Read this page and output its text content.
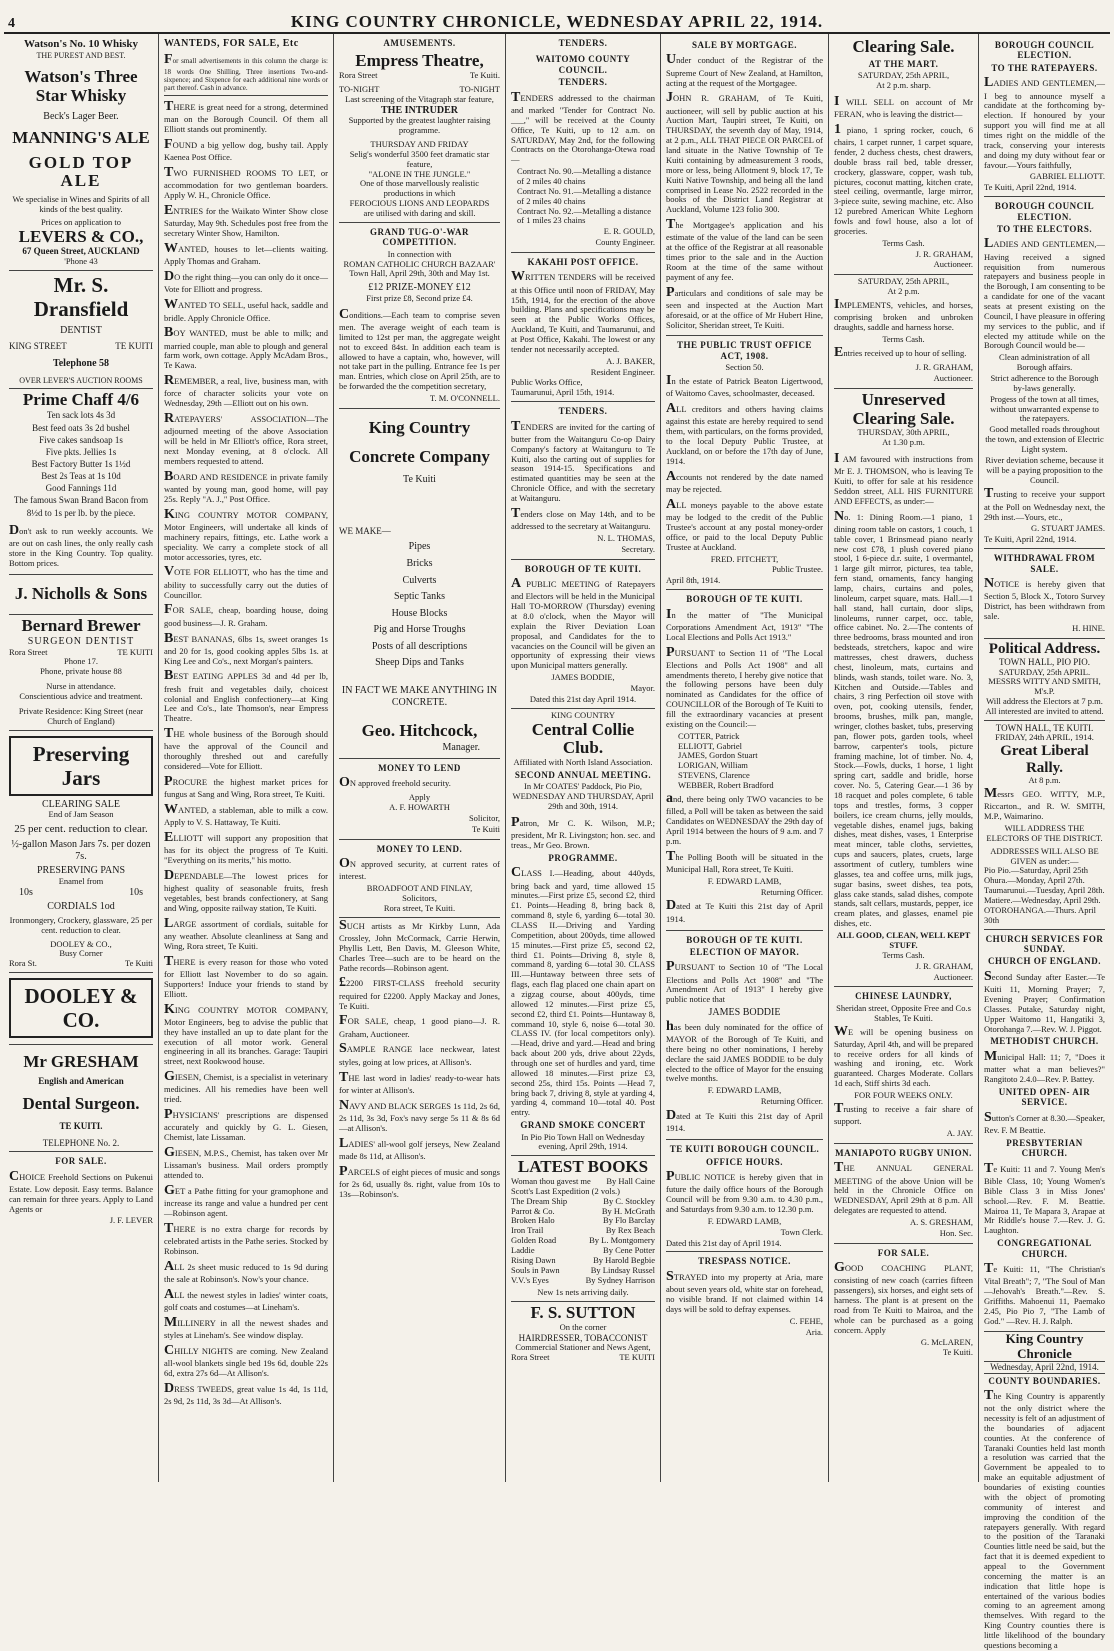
4	KING COUNTRY CHRONICLE, WEDNESDAY APRIL 22, 1914.
Watson's No. 10 Whisky
THE PUREST AND BEST.
Watson's Three Star Whisky
Beck's Lager Beer.
MANNING'S ALE
GOLD TOP ALE
We specialise in Wines and Spirits of all kinds of the best quality.
Prices on application to
LEVERS & CO.,
67 Queen Street, AUCKLAND
'Phone 43
Mr. S. Dransfield
DENTIST
KING STREET	TE KUITI
Telephone 58
OVER LEVER'S AUCTION ROOMS
Prime Chaff 4/6
Ten sack lots 4s 3d
Best feed oats 3s 2d bushel
Five cakes sandsoap 1s
Five pkts. Jellies 1s
Best Factory Butter 1s 1½d
Best 2s Teas at 1s 10d
Good Fannings 11d
The famous Swan Brand Bacon from 8½d to 1s per lb. by the piece.
Don't ask to run weekly accounts. We are out on cash lines, the only really cash store in the King Country. Top quality. Bottom prices.
J. Nicholls & Sons
Bernard Brewer
SURGEON DENTIST
Rora Street	TE KUITI
Phone 17.
Phone, private house 88
Nurse in attendance.
Conscientious advice and treatment.
Private Residence: King Street (near Church of England)
Preserving Jars
CLEARING SALE
End of Jam Season
25 per cent. reduction to clear.
½-gallon Mason Jars 7s. per dozen 7s.
PRESERVING PANS
Enamel from
10s	10s
CORDIALS 1od
Ironmongery, Crockery, glassware, 25 per cent. reduction to clear.
DOOLEY & CO.,
Busy Corner
Rora St.	Te Kuiti
DOOLEY & CO.
Mr GRESHAM
English and American
Dental Surgeon.
TE KUITI.
TELEPHONE No. 2.
FOR SALE.
CHOICE Freehold Sections on Pukenui Estate. Low deposit. Easy terms. Balance can remain for three years. Apply to Land Agents or
J. F. LEVER
WANTEDS, FOR SALE, Etc
For small advertisements in this column the charge is: 18 words One Shilling, Three insertions Two-and-sixpence; and Sixpence for each additional nine words or part thereof. Cash in advance.
THERE is great need for a strong, determined man on the Borough Council. Of them all Elliott stands out prominently.
FOUND a big yellow dog, bushy tail. Apply Kaenea Post Office.
TWO FURNISHED ROOMS TO LET, or accommodation for two gentleman boarders. Apply W. H., Chronicle Office.
ENTRIES for the Waikato Winter Show close Saturday, May 9th. Schedules post free from the secretary Winter Show, Hamilton.
WANTED, houses to let—clients waiting. Apply Thomas and Graham.
DO the right thing—you can only do it once—Vote for Elliott and progress.
WANTED TO SELL, useful hack, saddle and bridle. Apply Chronicle Office.
BOY WANTED, must be able to milk; and married couple, man able to plough and general farm work, own cottage. Apply McAdam Bros., Te Kawa.
REMEMBER, a real, live, business man, with force of character solicits your vote on Wednesday, 29th —Elliott out on his own.
RATEPAYERS' ASSOCIATION—The adjourned meeting of the above Association will be held in Mr Elliott's office, Rora street, next Monday evening, at 8 o'clock. All members requested to attend.
BOARD AND RESIDENCE in private family wanted by young man, good home, will pay 25s. Reply "A. J.," Post Office.
KING COUNTRY MOTOR COMPANY, Motor Engineers, will undertake all kinds of machinery repairs, fittings, etc. Lathe work a speciality. We carry a complete stock of all motor accessories, tyres, etc.
VOTE FOR ELLIOTT, who has the time and ability to successfully carry out the duties of Councillor.
FOR SALE, cheap, boarding house, doing good business—J. R. Graham.
BEST BANANAS, 6lbs 1s, sweet oranges 1s and 20 for 1s, good cooking apples 5lbs 1s. at King Lee and Co's., next Morgan's painters.
BEST EATING APPLES 3d and 4d per lb, fresh fruit and vegetables daily, choicest colonial and English confectionery—at King Lee and Co's., late Thomson's, near Empress Theatre.
THE whole business of the Borough should have the approval of the Council and thoroughly threshed out and carefully considered—Vote for Elliott.
PROCURE the highest market prices for fungus at Sang and Wing, Rora street, Te Kuiti.
WANTED, a stableman, able to milk a cow. Apply to V. S. Hattaway, Te Kuiti.
ELLIOTT will support any proposition that has for its object the progress of Te Kuiti. "Everything on its merits," his motto.
DEPENDABLE—The lowest prices for highest quality of seasonable fruits, fresh vegetables, best brands confectionery, at Sang and Wing, opposite railway station, Te Kuiti.
LARGE assortment of cordials, suitable for any weather. Absolute cleanliness at Sang and Wing, Rora street, Te Kuiti.
THERE is every reason for those who voted for Elliott last November to do so again. Supporters! Induce your friends to stand by Elliott.
KING COUNTRY MOTOR COMPANY, Motor Engineers, beg to advise the public that they have installed an up to date plant for the execution of all motor work. General engineering in all its branches. Garage: Taupiri street, next Rookwood house.
GIESEN, Chemist, is a specialist in veterinary medicines. All his remedies have been well tried.
PHYSICIANS' prescriptions are dispensed accurately and quickly by G. L. Giesen, Chemist, late Lissaman.
GIESEN, M.P.S., Chemist, has taken over Mr Lissaman's business. Mail orders promptly attended to.
GET a Pathe fitting for your gramophone and increase its range and value a hundred per cent—Robinson agent.
THERE is no extra charge for records by celebrated artists in the Pathe series. Stocked by Robinson.
ALL 2s sheet music reduced to 1s 9d during the sale at Robinson's. Now's your chance.
ALL the newest styles in ladies' winter coats, golf coats and costumes—at Lineham's.
MILLINERY in all the newest shades and styles at Lineham's. See window display.
CHILLY NIGHTS are coming. New Zealand all-wool blankets single bed 19s 6d, double 22s 6d, extra 27s 6d—At Allison's.
DRESS TWEEDS, great value 1s 4d, 1s 11d, 2s 9d, 2s 11d, 3s 3d—At Allison's.
AMUSEMENTS.
Empress Theatre,
Rora Street	Te Kuiti.
TO-NIGHT	TO-NIGHT
Last screening of the Vitagraph star feature,
THE INTRUDER
Supported by the greatest laughter raising programme.
THURSDAY AND FRIDAY
Selig's wonderful 3500 feet dramatic star feature,
"ALONE IN THE JUNGLE."
One of those marvellously realistic productions in which
FEROCIOUS LIONS AND LEOPARDS
are utilised with daring and skill.
GRAND TUG-O'-WAR COMPETITION.
In connection with
ROMAN CATHOLIC CHURCH BAZAAR'
Town Hall, April 29th, 30th and May 1st.
£12 PRIZE-MONEY £12
First prize £8, Second prize £4.
Conditions.—Each team to comprise seven men. The average weight of each team is limited to 12st per man, the aggregate weight not to exceed 84st. In addition each team is allowed to have a captain, who, however, will not take part in the pulling. Entrance fee 1s per man. Entries, which close on April 25th, are to be forwarded the the competition secretary,
T. M. O'CONNELL.
King Country
Concrete Company
Te Kuiti
WE MAKE—
Pipes
Bricks
Culverts
Septic Tanks
House Blocks
Pig and Horse Troughs
Posts of all descriptions
Sheep Dips and Tanks
IN FACT WE MAKE ANYTHING IN CONCRETE.
Geo. Hitchcock,
Manager.
MONEY TO LEND
ON approved freehold security.
Apply
A. F. HOWARTH
Solicitor,
Te Kuiti
MONEY TO LEND.
ON approved security, at current rates of interest.
BROADFOOT AND FINLAY,
Solicitors,
Rora street, Te Kuiti.
SUCH artists as Mr Kirkby Lunn, Ada Crossley, John McCormack, Carrie Herwin, Phyllis Lett, Ben Davis, M. Gleeson White, Charles Tree—such are to be heard on the Pathe records—Robinson agent.
£2200 FIRST-CLASS freehold security required for £2200. Apply Mackay and Jones, Te Kuiti.
FOR SALE, cheap, 1 good piano—J. R. Graham, Auctioneer.
SAMPLE RANGE lace neckwear, latest styles, going at low prices, at Allison's.
THE last word in ladies' ready-to-wear hats for winter at Allison's.
NAVY AND BLACK SERGES 1s 11d, 2s 6d, 2s 11d, 3s 3d, Fox's navy serge 5s 11 & 8s 6d—at Allison's.
LADIES' all-wool golf jerseys, New Zealand made 8s 11d, at Allison's.
PARCELS of eight pieces of music and songs for 2s 6d, usually 8s. right, value from 10s to 13s—Robinson's.
TENDERS.
WAITOMO COUNTY COUNCIL.
TENDERS.
TENDERS addressed to the chairman and marked "Tender for Contract No. ___," will be received at the County Office, Te Kuiti, up to 12 a.m. on SATURDAY, May 2nd, for the following Contracts on the Otorohanga-Otewa road—
Contract No. 90.—Metalling a distance of 2 miles 40 chains
Contract No. 91.—Metalling a distance of 2 miles 40 chains
Contract No. 92.—Metalling a distance of 1 miles 23 chains
E. R. GOULD,
County Engineer.
KAKAHI POST OFFICE.
WRITTEN TENDERS will be received at this Office until noon of FRIDAY, May 15th, 1914, for the erection of the above building. Plans and specifications may be seen at the Public Works Offices, Auckland, Te Kuiti, and Taumarunui, and at Post Office, Kakahi. The lowest or any tender not necessarily accepted.
A. J. BAKER,
Resident Engineer.
Public Works Office,
Taumarunui, April 15th, 1914.
TENDERS.
TENDERS are invited for the carting of butter from the Waitanguru Co-op Dairy Company's factory at Waitanguru to Te Kuiti, also the carting out of supplies for season 1914-15. Specifications and estimated quantities may be seen at the Chronicle Office, and with the secretary at Waitanguru.
Tenders close on May 14th, and to be addressed to the secretary at Waitanguru.
N. L. THOMAS,
Secretary.
BOROUGH OF TE KUITI.
A PUBLIC MEETING of Ratepayers and Electors will be held in the Municipal Hall TO-MORROW (Thursday) evening at 8.0 o'clock, when the Mayor will explain the River Deviation Loan proposal, and Candidates for the to vacancies on the Council will be given an opportunity of expressing their views upon Municipal matters generally.
JAMES BODDIE,
Mayor.
Dated this 21st day April 1914.
KING COUNTRY
Central Collie Club.
Affiliated with North Island Association.
SECOND ANNUAL MEETING.
In Mr COATES' Paddock, Pio Pio, WEDNESDAY AND THURSDAY, April 29th and 30th, 1914.
Patron, Mr C. K. Wilson, M.P.; president, Mr R. Livingston; hon. sec. and treas., Mr Geo. Brown.
PROGRAMME.
CLASS I.—Heading, about 440yds, bring back and yard, time allowed 15 minutes.—First prize £5, second £2, third £1. Points—Heading 8, bring back 8, command 8, style 6, yarding 6—total 30. CLASS II.—Driving and Yarding Competition, about 200yds, time allowed 15 minutes.—First prize £5, second £2, third £1. Points—Driving 8, style 8, command 8, yarding 6—total 30. CLASS III.—Huntaway between three sets of flags, each flag placed one chain apart on a zigzag course, about 400yds, time allowed 12 minutes.—First prize £5, second £2, third £1. Points—Huntaway 8, command 10, style 6, noise 6—total 30. CLASS IV. (for local competitors only).—Head, drive and yard.—Head and bring back about 200 yds, drive about 22yds, through one set of hurdles and yard, time allowed 18 minutes.—First prize £3, second 25s, third 15s. Points —Head 7, bring back 7, driving 8, style at yarding 4, yarding 4, command 10—total 40. Post entry.
GRAND SMOKE CONCERT
In Pio Pio Town Hall on Wednesday evening, April 29th, 1914.
LATEST BOOKS
Woman thou gavest me By Hall Caine
Scott's Last Expedition (2 vols.)
The Dream Ship	By C. Stockley
Parrot & Co.	By H. McGrath
Broken Halo	By Flo Barclay
Iron Trail	By Rex Beach
Golden Road	By L. Montgomery
Laddie	By Cene Potter
Rising Dawn	By Harold Begbie
Souls in Pawn	By Lindsay Russel
V.V.'s Eyes	By Sydney Harrison
New 1s nets arriving daily.
F. S. SUTTON
On the corner
HAIRDRESSER, TOBACCONIST
Commercial Stationer and News Agent,
Rora Street	TE KUITI
SALE BY MORTGAGE.
Under conduct of the Registrar of the Supreme Court of New Zealand, at Hamilton, acting at the request of the Mortgagee.
JOHN R. GRAHAM, of Te Kuiti, auctioneer, will sell by public auction at his Auction Mart, Taupiri street, Te Kuiti, on THURSDAY, the seventh day of May, 1914, at 2 p.m., ALL THAT PIECE OR PARCEL of land situate in the Native Township of Te Kuiti containing by admeasurement 3 roods, more or less, being Allotment 9, block 17, Te Kuiti Native Township, and being all the land comprised in Lease No. 2522 recorded in the books of the District Land Registrar at Auckland, Volume 123 folio 300.
The Mortgagee's application and his estimate of the value of the land can be seen at the office of the Registrar at all reasonable times prior to the sale and in the Auction Room at the time of the same without payment of any fee.
Particulars and conditions of sale may be seen and inspected at the Auction Mart aforesaid, or at the office of Mr Hubert Hine, Solicitor, Sheridan street, Te Kuiti.
THE PUBLIC TRUST OFFICE ACT, 1908.
Section 50.
In the estate of Patrick Beaton Ligertwood, of Waitomo Caves, schoolmaster, deceased.
ALL creditors and others having claims against this estate are hereby required to send them, with particulars, on the forms provided, to the local Deputy Public Trustee, at Auckland, on or before the 17th day of June, 1914.
Accounts not rendered by the date named may be rejected.
ALL moneys payable to the above estate may be lodged to the credit of the Public Trustee's account at any postal money-order office, or paid to the local Deputy Public Trustee at Auckland.
FRED. FITCHETT,
Public Trustee.
April 8th, 1914.
BOROUGH OF TE KUITI.
In the matter of "The Municipal Corporations Amendment Act, 1913" "The Local Elections and Polls Act 1913."
PURSUANT to Section 11 of "The Local Elections and Polls Act 1908" and all amendments thereto, I hereby give notice that the following persons have been duly nominated as Candidates for the office of COUNCILLOR of the Borough of Te Kuiti to fill the extraordinary vacancies at present existing on the Council:—
COTTER, Patrick
ELLIOTT, Gabriel
JAMES, Gordon Stuart
LORIGAN, William
STEVENS, Clarence
WEBBER, Robert Bradford
and, there being only TWO vacancies to be filled, a Poll will be taken as between the said Candidates on WEDNESDAY the 29th day of April 1914 between the hours of 9 a.m. and 7 p.m.
The Polling Booth will be situated in the Municipal Hall, Rora street, Te Kuiti.
F. EDWARD LAMB,
Returning Officer.
Dated at Te Kuiti this 21st day of April 1914.
BOROUGH OF TE KUITI.
ELECTION OF MAYOR.
PURSUANT to Section 10 of "The Local Elections and Polls Act 1908" and "The Amendment Act of 1913" I hereby give public notice that
JAMES BODDIE
has been duly nominated for the office of MAYOR of the Borough of Te Kuiti, and there being no other nominations, I hereby declare the said JAMES BODDIE to be duly elected to the office of Mayor for the ensuing twelve months.
F. EDWARD LAMB,
Returning Officer.
Dated at Te Kuiti this 21st day of April 1914.
TE KUITI BOROUGH COUNCIL.
OFFICE HOURS.
PUBLIC NOTICE is hereby given that in future the daily office hours of the Borough Council will be from 9.30 a.m. to 4.30 p.m., and Saturdays from 9.30 a.m. to 12.30 p.m.
F. EDWARD LAMB,
Town Clerk.
Dated this 21st day of April 1914.
TRESPASS NOTICE.
STRAYED into my property at Aria, mare about seven years old, white star on forehead, no visible brand. If not claimed within 14 days will be sold to defray expenses.
C. FEHE,
Aria.
Clearing Sale.
AT THE MART.
SATURDAY, 25th APRIL,
At 2 p.m. sharp.
I WILL SELL on account of Mr FERAN, who is leaving the district—
1 piano, 1 spring rocker, couch, 6 chairs, 1 carpet runner, 1 carpet square, fender, 2 duchess chests, chest drawers, double brass rail bed, table dresser, crockery, glassware, copper, wash tub, pictures, coconut matting, kitchen crate, steel ceiling, overmantle, large mirror, 3-piece suite, sewing machine, etc. Also 12 purebred American White Leghorn fowls and fowl house, also a lot of groceries.
Terms Cash.
J. R. GRAHAM,
Auctioneer.
SATURDAY, 25th APRIL,
At 2 p.m.
IMPLEMENTS, vehicles, and horses, comprising broken and unbroken draughts, saddle and harness horse.
Terms Cash.
Entries received up to hour of selling.
J. R. GRAHAM,
Auctioneer.
Unreserved Clearing Sale.
THURSDAY, 30th APRIL,
At 1.30 p.m.
I AM favoured with instructions from Mr E. J. THOMSON, who is leaving Te Kuiti, to offer for sale at his residence Seddon street, ALL HIS FURNITURE AND EFFECTS, as under:—
No. 1: Dining Room.—1 piano, 1 dining room table on castors, 1 couch, 1 table cover, 1 Brinsmead piano nearly new cost £78, 1 plush covered piano stool, 1 6-piece d.r. suite, 1 overmantel, 1 large gilt mirror, pictures, tea table, fern stand, ornaments, fancy hanging lamp, chairs, curtains and poles, linoleum, carpet square, mats. Hall.—1 hall stand, hall curtain, door slips, linoleums, runner carpet, occ. table, office cabinet. No. 2.—The contents of three bedrooms, brass mounted and iron bedsteads, stretchers, kapoc and wire mattresses, chest drawers, duchess chest, linoleum, mats, curtains and blinds, wash stands, toilet ware. No. 3, Kitchen and Outside.—Tables and chairs, 3 ring Perfection oil stove with oven, pot, cooking utensils, fender, brooms, brushes, milk pan, mangle, wringer, clothes basket, tubs, preserving pan, flower pots, garden tools, wheel barrow, carpenter's tools, picture framing machine, lot of timber. No. 4, Stock.—Fowls, ducks, 1 horse, 1 light spring cart, saddle and bridle, horse cover. No. 5, Catering Gear.—1 36 by 18 racquet and poles complete, 6 table tops and trestles, forms, 3 copper boilers, ice cream churns, jelly moulds, vegetable dishes, enamel jugs, baking dishes, meat dishes, vases, 1 Enterprise meat mincer, table cloths, serviettes, cups and saucers, plates, cruets, large assortment of cutlery, tumblers wine glasses, tea and coffee urns, milk jugs, sugar basins, sweet dishes, tea pots, glass cake stands, salad dishes, compote stands, salt cellars, mustards, pepper, ice cream plates, and glasses, enamel pie dishes, etc.
ALL GOOD, CLEAN, WELL KEPT STUFF.
Terms Cash.
J. R. GRAHAM,
Auctioneer.
CHINESE LAUNDRY,
Sheridan street, Opposite Free and Co.s Stables, Te Kuiti.
WE will be opening business on Saturday, April 4th, and will be prepared to receive orders for all kinds of washing and ironing, etc. Work guaranteed. Charges Moderate. Collars 1d each, Stiff shirts 3d each.
FOR FOUR WEEKS ONLY.
Trusting to receive a fair share of support.
A. JAY.
MANIAPOTO RUGBY UNION.
THE ANNUAL GENERAL MEETING of the above Union will be held in the Chronicle Office on WEDNESDAY, April 29th at 8 p.m. All delegates are requested to attend.
A. S. GRESHAM,
Hon. Sec.
FOR SALE.
GOOD COACHING PLANT, consisting of new coach (carries fifteen passengers), six horses, and eight sets of harness. The plant is at present on the road from Te Kuiti to Mairoa, and the whole can be purchased as a going concern. Apply
G. McLAREN,
Te Kuiti.
BOROUGH COUNCIL ELECTION.
TO THE RATEPAYERS.
LADIES AND GENTLEMEN,—I beg to announce myself a candidate at the forthcoming by-election. If honoured by your support you will find me at all times right on the middle of the track, conserving your interests and doing my duty without fear or favour.—Yours faithfully,
GABRIEL ELLIOTT.
Te Kuiti, April 22nd, 1914.
BOROUGH COUNCIL ELECTION.
TO THE ELECTORS.
LADIES AND GENTLEMEN,—Having received a signed requisition from numerous ratepayers and business people in the Borough, I am consenting to be a candidate for one of the vacant seats at present existing on the Council, I have pleasure in offering my services to the public, and if elected my attitude while on the Borough Council would be—
Clean administration of all Borough affairs.
Strict adherence to the Borough by-laws generally.
Progess of the town at all times, without unwarranted expense to the ratepayers.
Good metalled roads throughout the town, and extension of Electric Light system.
River deviation scheme, because it will be a paying proposition to the Council.
Trusting to receive your support at the Poll on Wednesday next, the 29th inst.—Yours, etc.,
G. STUART JAMES.
Te Kuiti, April 22nd, 1914.
WITHDRAWAL FROM SALE.
NOTICE is hereby given that Section 5, Block X., Totoro Survey District, has been withdrawn from sale.
H. HINE.
Political Address.
TOWN HALL, PIO PIO.
SATURDAY, 25th APRIL.
MESSRS WITTY AND SMITH, M's.P.
Will address the Electors at 7 p.m.
All interested are invited to attend.
TOWN HALL, TE KUITI.
FRIDAY, 24th APRIL, 1914.
Great Liberal Rally.
At 8 p.m.
Messrs GEO. WITTY, M.P., Riccarton., and R. W. SMITH, M.P., Waimarino.
WILL ADDRESS THE ELECTORS OF THE DISTRICT.
ADDRESSES WILL ALSO BE GIVEN as under:—
Pio Pio.—Saturday, April 25th
Ohura.—Monday, April 27th.
Taumarunui.—Tuesday, April 28th.
Matiere.—Wednesday, April 29th.
OTOROHANGA.—Thurs. April 30th
CHURCH SERVICES FOR SUNDAY.
CHURCH OF ENGLAND.
Second Sunday after Easter.—Te Kuiti 11, Morning Prayer; 7, Evening Prayer; Confirmation Classes. Putake, Saturday night, Upper Waitomo 11, Hangatiki 3, Otorohanga 7.—Rev. W. J. Piggot.
METHODIST CHURCH.
Municipal Hall: 11; 7, "Does it matter what a man believes?" Rangitoto 2.4.0—Rev. P. Battey.
UNITED OPEN- AIR SERVICE.
Sutton's Corner at 8.30.—Speaker, Rev. F. M Beattie.
PRESBYTERIAN CHURCH.
Te Kuiti: 11 and 7. Young Men's Bible Class, 10; Young Women's Bible Class 3 in Miss Jones' school.—Rev. F. M. Beattie. Mairoa 11, Te Mapara 3, Arapae at Mr Riddle's house 7.—Rev. J. G. Laughton.
CONGREGATIONAL CHURCH.
Te Kuiti: 11, "The Christian's Vital Breath"; 7, "The Soul of Man —Jehovah's Breath."—Rev. S. Griffiths. Mahoenui 11, Paemako 2.45, Pio Pio 7, "The Lamb of God." —Rev. H. J. Ralph.
King Country Chronicle
Wednesday, April 22nd, 1914.
COUNTY BOUNDARIES.
The King Country is apparently not the only district where the necessity is felt of an adjustment of the boundaries of adjacent counties. At the conference of Taranaki Counties held last month a resolution was carried that the Government be appealed to to make an equitable adjustment of boundaries of existing counties with the object of promoting community of interest and improving the condition of the ratepayers generally. With regard to the position of the Taranaki Counties little need be said, but the fact that it is deemed expedient to appeal to the Government concerning the matter is an indication that little hope is entertained of the various bodies coming to an agreement among themselves. With regard to the King Country counties there is little likelihood of the boundary questions becoming a
